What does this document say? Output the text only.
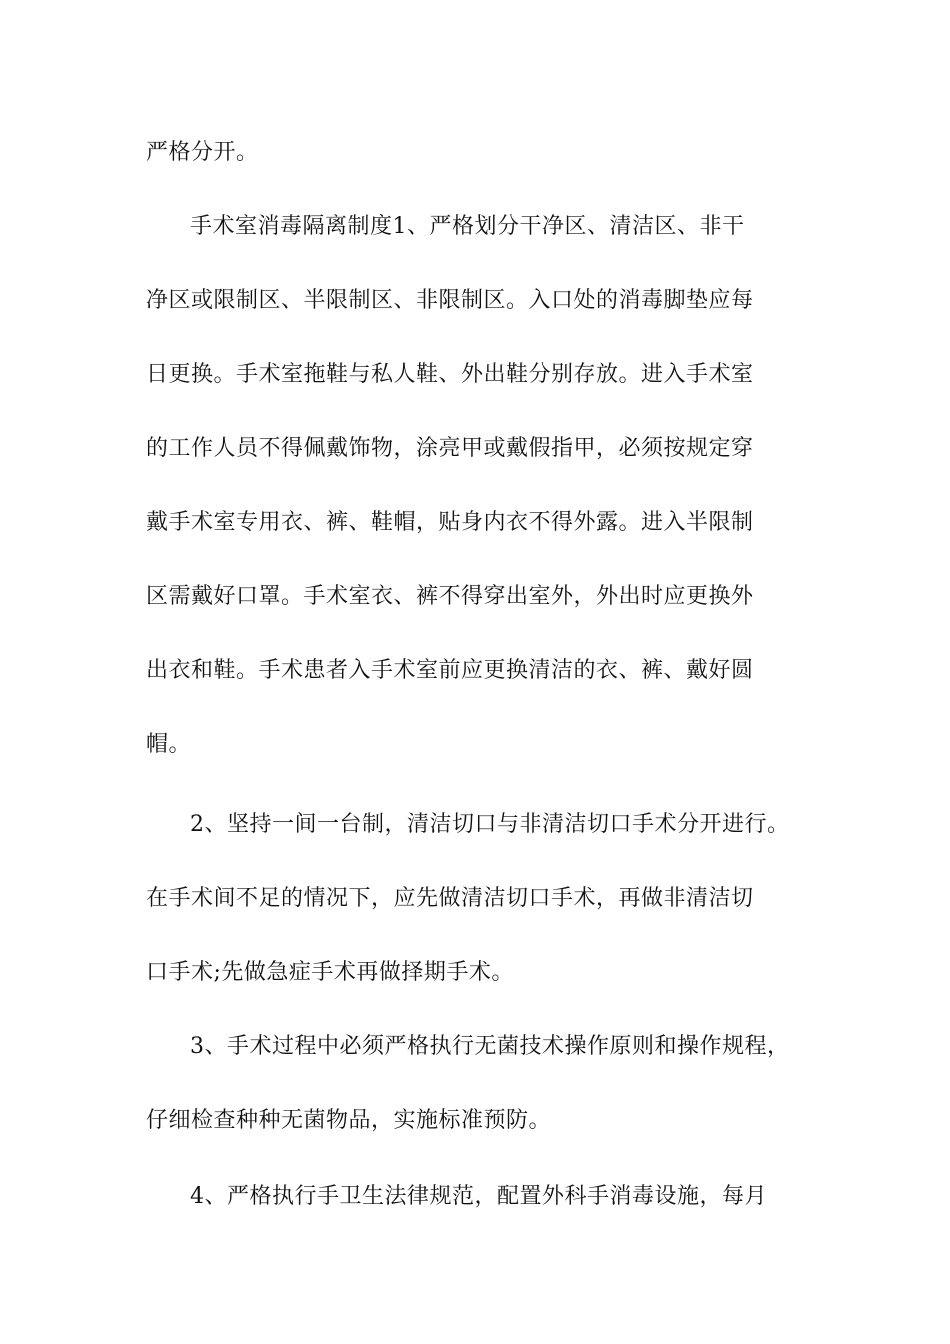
严格分开。
手术室消毒隔离制度1、严格划分干净区、清洁区、非干
净区或限制区、半限制区、非限制区。入口处的消毒脚垫应每
日更换。手术室拖鞋与私人鞋、外出鞋分别存放。进入手术室
的工作人员不得佩戴饰物，涂亮甲或戴假指甲，必须按规定穿
戴手术室专用衣、裤、鞋帽，贴身内衣不得外露。进入半限制
区需戴好口罩。手术室衣、裤不得穿出室外，外出时应更换外
出衣和鞋。手术患者入手术室前应更换清洁的衣、裤、戴好圆
帽。
2、坚持一间一台制，清洁切口与非清洁切口手术分开进行。
在手术间不足的情况下，应先做清洁切口手术，再做非清洁切
口手术;先做急症手术再做择期手术。
3、手术过程中必须严格执行无菌技术操作原则和操作规程，
仔细检查种种无菌物品，实施标准预防。
4、严格执行手卫生法律规范，配置外科手消毒设施，每月
